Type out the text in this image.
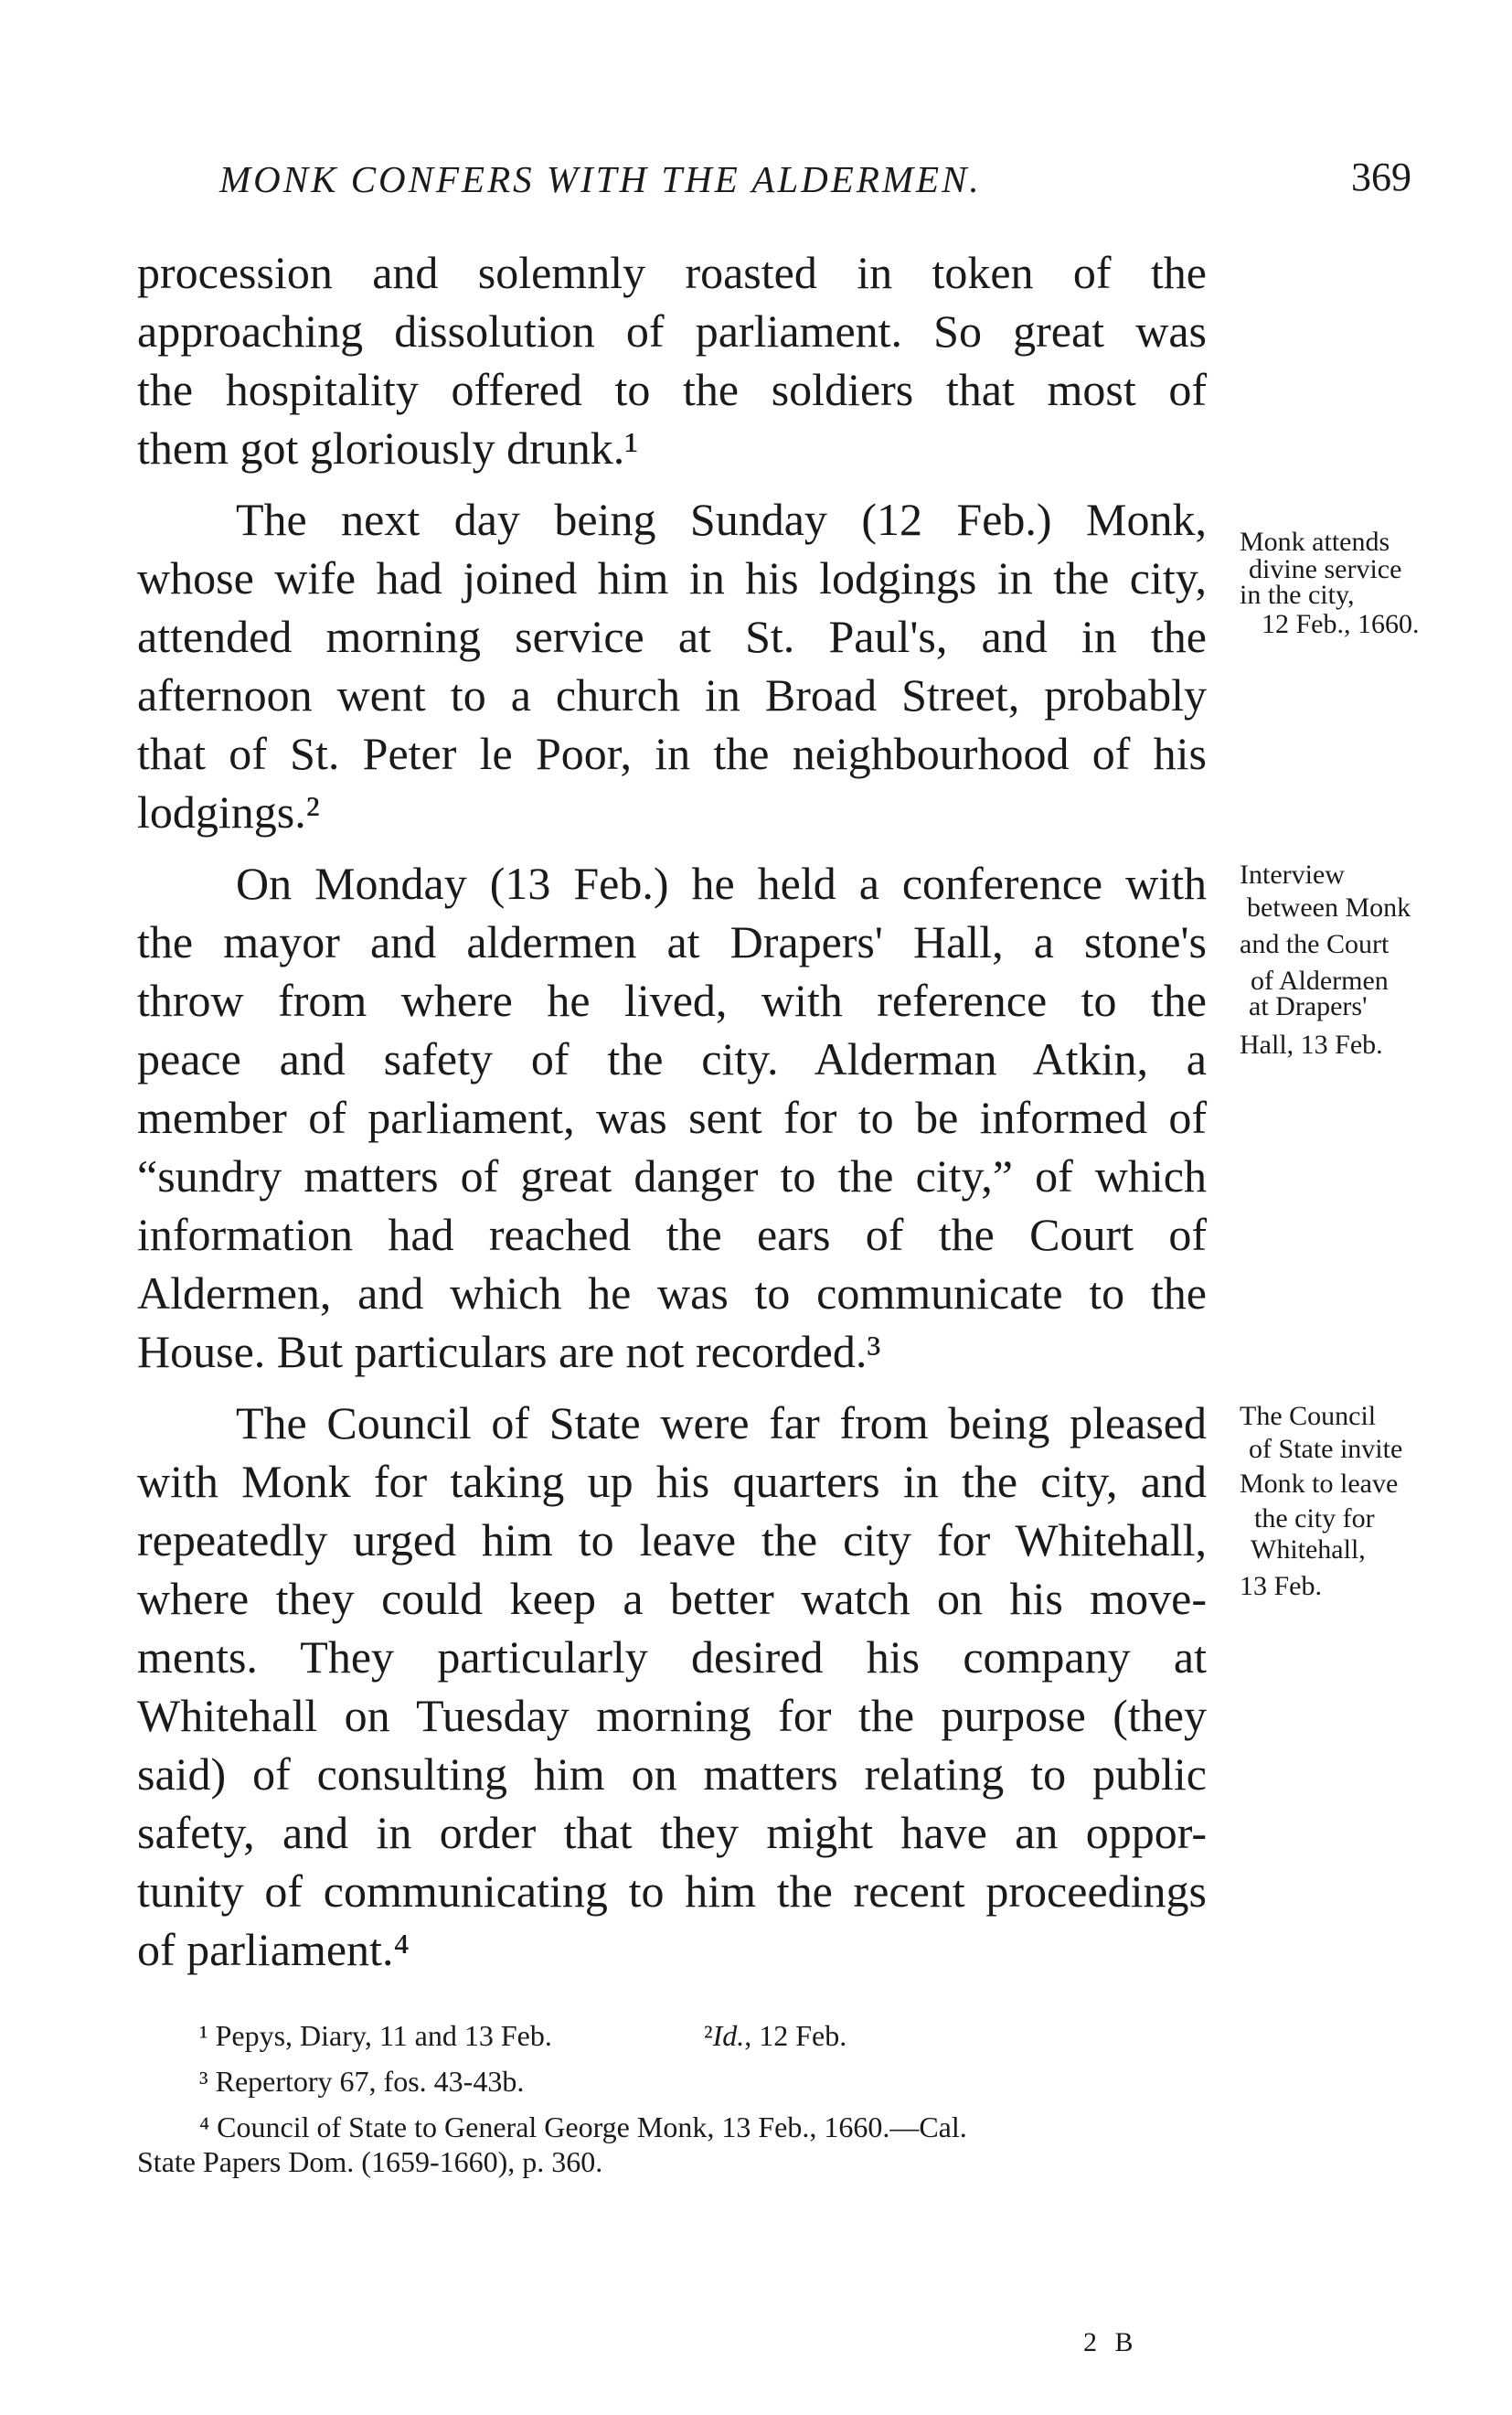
MONK CONFERS WITH THE ALDERMEN.	369
procession and solemnly roasted in token of the
approaching dissolution of parliament. So great was
the hospitality offered to the soldiers that most of
them got gloriously drunk.¹
The next day being Sunday (12 Feb.) Monk,
whose wife had joined him in his lodgings in the city,
attended morning service at St. Paul's, and in the
afternoon went to a church in Broad Street, probably
that of St. Peter le Poor, in the neighbourhood of his
lodgings.²
On Monday (13 Feb.) he held a conference with
the mayor and aldermen at Drapers' Hall, a stone's
throw from where he lived, with reference to the
peace and safety of the city. Alderman Atkin, a
member of parliament, was sent for to be informed of
“sundry matters of great danger to the city,” of which
information had reached the ears of the Court of
Aldermen, and which he was to communicate to the
House. But particulars are not recorded.³
The Council of State were far from being pleased
with Monk for taking up his quarters in the city, and
repeatedly urged him to leave the city for Whitehall,
where they could keep a better watch on his move-
ments. They particularly desired his company at
Whitehall on Tuesday morning for the purpose (they
said) of consulting him on matters relating to public
safety, and in order that they might have an oppor-
tunity of communicating to him the recent proceedings
of parliament.⁴
Monk attends
divine service
in the city,
12 Feb., 1660.
Interview
between Monk
and the Court
of Aldermen
at Drapers'
Hall, 13 Feb.
The Council
of State invite
Monk to leave
the city for
Whitehall,
13 Feb.
¹ Pepys, Diary, 11 and 13 Feb.	²Id., 12 Feb.
³ Repertory 67, fos. 43-43b.
⁴ Council of State to General George Monk, 13 Feb., 1660.—Cal.
State Papers Dom. (1659-1660), p. 360.
2 B
